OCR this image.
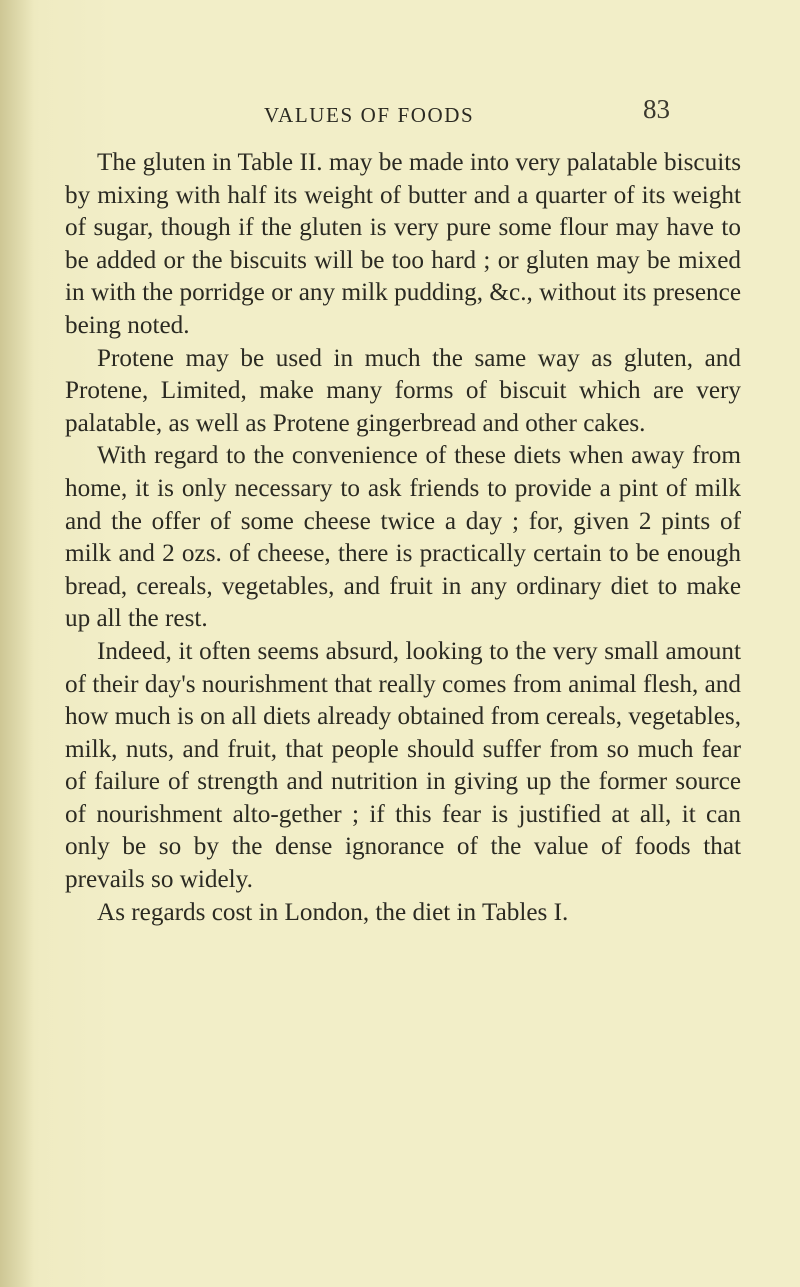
VALUES OF FOODS	83

The gluten in Table II. may be made into very palatable biscuits by mixing with half its weight of butter and a quarter of its weight of sugar, though if the gluten is very pure some flour may have to be added or the biscuits will be too hard ; or gluten may be mixed in with the porridge or any milk pudding, &c., without its presence being noted.

Protene may be used in much the same way as gluten, and Protene, Limited, make many forms of biscuit which are very palatable, as well as Protene gingerbread and other cakes.

With regard to the convenience of these diets when away from home, it is only necessary to ask friends to provide a pint of milk and the offer of some cheese twice a day ; for, given 2 pints of milk and 2 ozs. of cheese, there is practically certain to be enough bread, cereals, vegetables, and fruit in any ordinary diet to make up all the rest.

Indeed, it often seems absurd, looking to the very small amount of their day's nourishment that really comes from animal flesh, and how much is on all diets already obtained from cereals, vegetables, milk, nuts, and fruit, that people should suffer from so much fear of failure of strength and nutrition in giving up the former source of nourishment alto-gether ; if this fear is justified at all, it can only be so by the dense ignorance of the value of foods that prevails so widely.

As regards cost in London, the diet in Tables I.
